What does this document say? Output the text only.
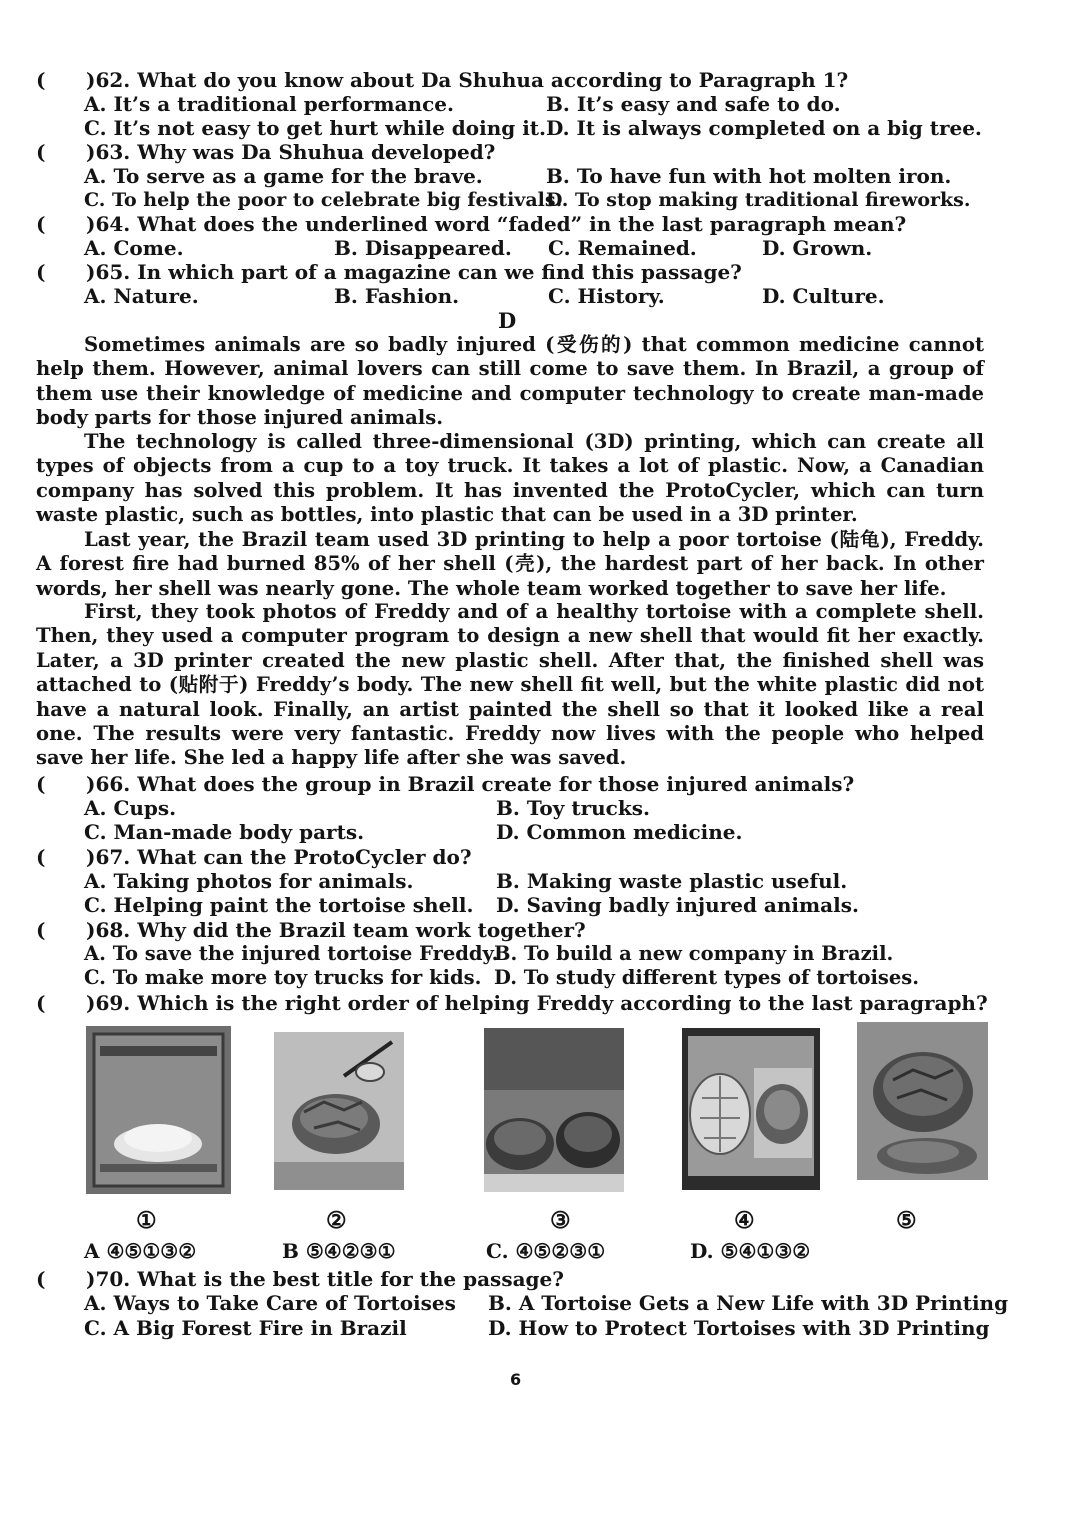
( )62. What do you know about Da Shuhua according to Paragraph 1?
A. It’s a traditional performance.	B. It’s easy and safe to do.
C. It’s not easy to get hurt while doing it. D. It is always completed on a big tree.
( )63. Why was Da Shuhua developed?
A. To serve as a game for the brave.	B. To have fun with hot molten iron.
C. To help the poor to celebrate big festivals.
D. To stop making traditional fireworks.
( )64. What does the underlined word “faded” in the last paragraph mean?
A. Come.	B. Disappeared. C. Remained.	D. Grown.
( )65. In which part of a magazine can we find this passage?
A. Nature.	B. Fashion.	C. History.	D. Culture.
D

Sometimes animals are so badly injured (受伤的) that common medicine cannot help them. However, animal lovers can still come to save them. In Brazil, a group of them use their knowledge of medicine and computer technology to create man-made body parts for those injured animals.

The technology is called three-dimensional (3D) printing, which can create all types of objects from a cup to a toy truck. It takes a lot of plastic. Now, a Canadian company has solved this problem. It has invented the ProtoCycler, which can turn waste plastic, such as bottles, into plastic that can be used in a 3D printer.

Last year, the Brazil team used 3D printing to help a poor tortoise (陆龟), Freddy. A forest fire had burned 85% of her shell (壳), the hardest part of her back. In other words, her shell was nearly gone. The whole team worked together to save her life.

First, they took photos of Freddy and of a healthy tortoise with a complete shell. Then, they used a computer program to design a new shell that would fit her exactly. Later, a 3D printer created the new plastic shell. After that, the finished shell was attached to (贴附于) Freddy’s body. The new shell fit well, but the white plastic did not have a natural look. Finally, an artist painted the shell so that it looked like a real one. The results were very fantastic. Freddy now lives with the people who helped save her life. She led a happy life after she was saved.

( )66. What does the group in Brazil create for those injured animals?
A. Cups.	B. Toy trucks.
C. Man-made body parts.	D. Common medicine.
( )67. What can the ProtoCycler do?
A. Taking photos for animals.	B. Making waste plastic useful.
C. Helping paint the tortoise shell. D. Saving badly injured animals.
( )68. Why did the Brazil team work together?
A. To save the injured tortoise Freddy.
B. To build a new company in Brazil.
C. To make more toy trucks for kids. D. To study different types of tortoises.
( )69. Which is the right order of helping Freddy according to the last paragraph?
①	②	③	④	⑤
A ④⑤①③②	B ⑤④②③①	C. ④⑤②③①	D. ⑤④①③②
( )70. What is the best title for the passage?
A. Ways to Take Care of Tortoises B. A Tortoise Gets a New Life with 3D Printing
C. A Big Forest Fire in Brazil	D. How to Protect Tortoises with 3D Printing
6
